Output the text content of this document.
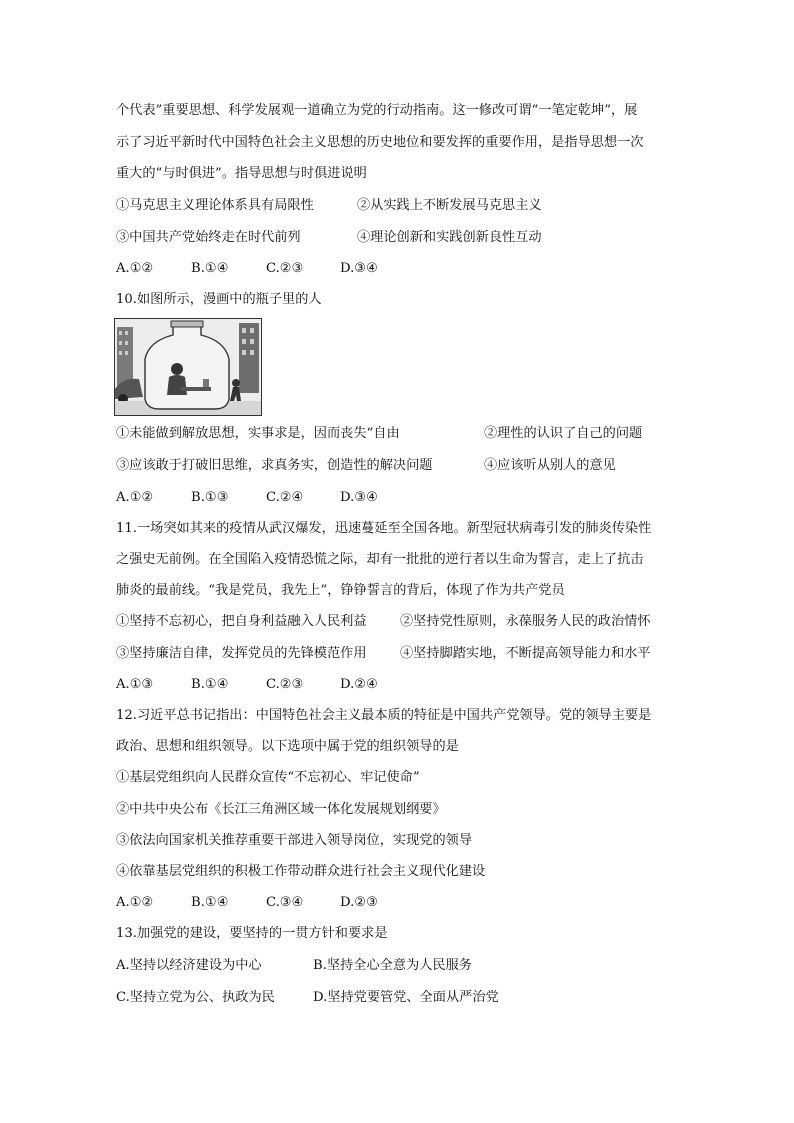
个代表”重要思想、科学发展观一道确立为党的行动指南。这一修改可谓“一笔定乾坤”，展
示了习近平新时代中国特色社会主义思想的历史地位和要发挥的重要作用，是指导思想一次
重大的“与时俱进”。指导思想与时俱进说明
①马克思主义理论体系具有局限性	②从实践上不断发展马克思主义
③中国共产党始终走在时代前列	④理论创新和实践创新良性互动
A.①②	B.①④	C.②③	D.③④
10.如图所示，漫画中的瓶子里的人
①未能做到解放思想，实事求是，因而丧失“自由	②理性的认识了自己的问题
③应该敢于打破旧思维，求真务实，创造性的解决问题	④应该听从别人的意见
A.①②	B.①③	C.②④	D.③④
11.一场突如其来的疫情从武汉爆发，迅速蔓延至全国各地。新型冠状病毒引发的肺炎传染性
之强史无前例。在全国陷入疫情恐慌之际，却有一批批的逆行者以生命为誓言，走上了抗击
肺炎的最前线。“我是党员，我先上”，铮铮誓言的背后，体现了作为共产党员
①坚持不忘初心，把自身利益融入人民利益	②坚持党性原则，永葆服务人民的政治情怀
③坚持廉洁自律，发挥党员的先锋模范作用	④坚持脚踏实地，不断提高领导能力和水平
A.①③	B.①④	C.②③	D.②④
12.习近平总书记指出：中国特色社会主义最本质的特征是中国共产党领导。党的领导主要是
政治、思想和组织领导。以下选项中属于党的组织领导的是
①基层党组织向人民群众宣传“不忘初心、牢记使命”
②中共中央公布《长江三角洲区域一体化发展规划纲要》
③依法向国家机关推荐重要干部进入领导岗位，实现党的领导
④依靠基层党组织的积极工作带动群众进行社会主义现代化建设
A.①②	B.①④	C.③④	D.②③
13.加强党的建设，要坚持的一贯方针和要求是
A.坚持以经济建设为中心	B.坚持全心全意为人民服务
C.坚持立党为公、执政为民	D.坚持党要管党、全面从严治党
